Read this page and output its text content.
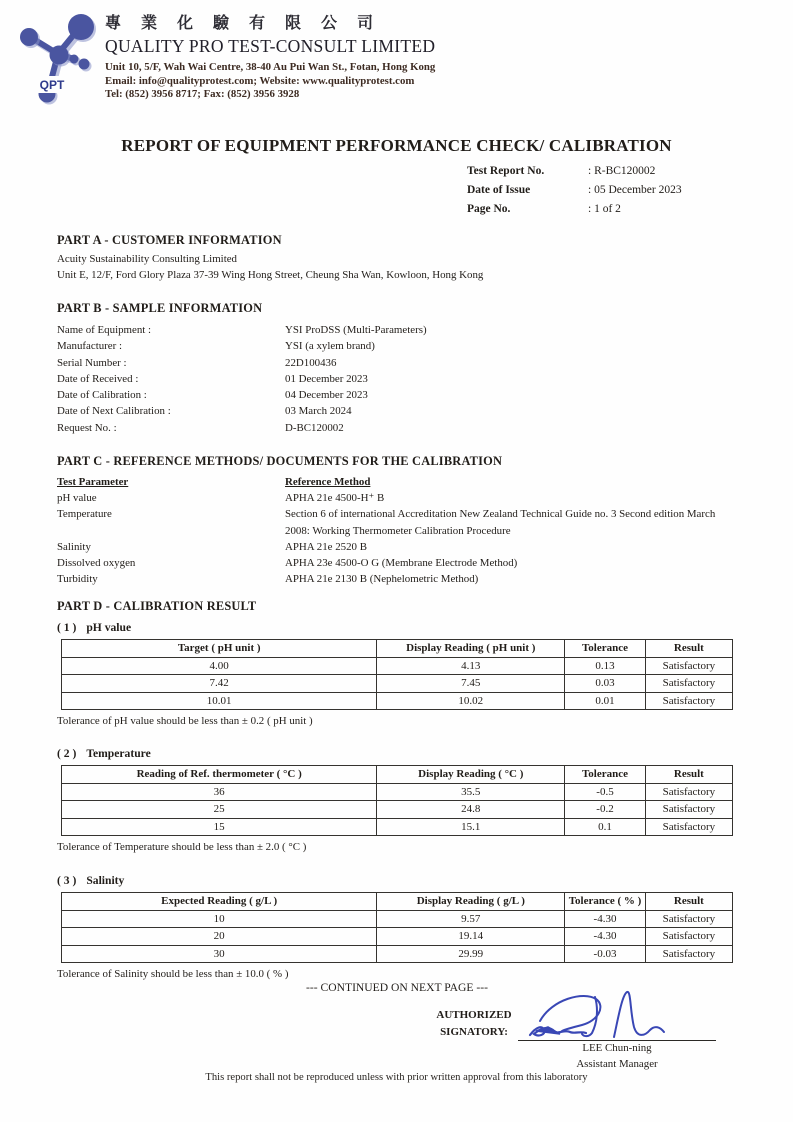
QPT
專 業 化 驗 有 限 公 司
QUALITY PRO TEST-CONSULT LIMITED
Unit 10, 5/F, Wah Wai Centre, 38-40 Au Pui Wan St., Fotan, Hong Kong
Email: info@qualityprotest.com; Website: www.qualityprotest.com
Tel: (852) 3956 8717; Fax: (852) 3956 3928
REPORT OF EQUIPMENT PERFORMANCE CHECK/ CALIBRATION
Test Report No.	: R-BC120002
Date of Issue	: 05 December 2023
Page No.	: 1 of 2
PART A - CUSTOMER INFORMATION
Acuity Sustainability Consulting Limited
Unit E, 12/F, Ford Glory Plaza 37-39 Wing Hong Street, Cheung Sha Wan, Kowloon, Hong Kong
PART B - SAMPLE INFORMATION
Name of Equipment :	YSI ProDSS (Multi-Parameters)
Manufacturer :	YSI (a xylem brand)
Serial Number :	22D100436
Date of Received :	01 December 2023
Date of Calibration :	04 December 2023
Date of Next Calibration :	03 March 2024
Request No. :	D-BC120002
PART C - REFERENCE METHODS/ DOCUMENTS FOR THE CALIBRATION
Test Parameter	Reference Method
pH value	APHA 21e 4500-H⁺ B
Temperature	Section 6 of international Accreditation New Zealand Technical Guide no. 3 Second edition March 2008: Working Thermometer Calibration Procedure
Salinity	APHA 21e 2520 B
Dissolved oxygen	APHA 23e 4500-O G (Membrane Electrode Method)
Turbidity	APHA 21e 2130 B (Nephelometric Method)
PART D - CALIBRATION RESULT
( 1 ) pH value
Target ( pH unit )	Display Reading ( pH unit )	Tolerance	Result
4.00	4.13	0.13	Satisfactory
7.42	7.45	0.03	Satisfactory
10.01	10.02	0.01	Satisfactory
Tolerance of pH value should be less than ± 0.2 ( pH unit )
( 2 ) Temperature
Reading of Ref. thermometer ( °C )	Display Reading ( °C )	Tolerance	Result
36	35.5	-0.5	Satisfactory
25	24.8	-0.2	Satisfactory
15	15.1	0.1	Satisfactory
Tolerance of Temperature should be less than ± 2.0 ( °C )
( 3 ) Salinity
Expected Reading ( g/L )	Display Reading ( g/L )	Tolerance ( % )	Result
10	9.57	-4.30	Satisfactory
20	19.14	-4.30	Satisfactory
30	29.99	-0.03	Satisfactory
Tolerance of Salinity should be less than ± 10.0 ( % )
--- CONTINUED ON NEXT PAGE ---
AUTHORIZED
SIGNATORY:
LEE Chun-ning
Assistant Manager
This report shall not be reproduced unless with prior written approval from this laboratory
